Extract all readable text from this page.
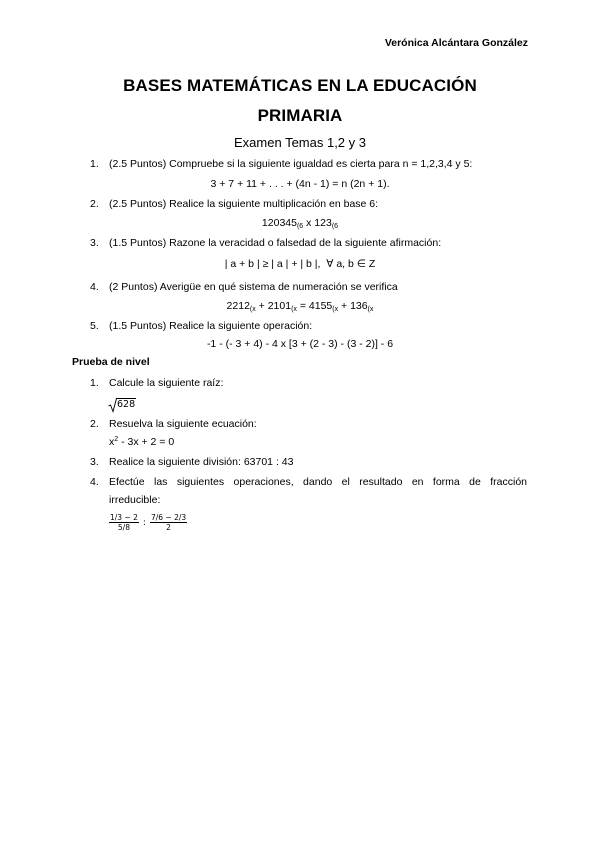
Verónica Alcántara González
BASES MATEMÁTICAS EN LA EDUCACIÓN
PRIMARIA
Examen Temas 1,2 y 3
1. (2.5 Puntos) Compruebe si la siguiente igualdad es cierta para n = 1,2,3,4 y 5:
3 + 7 + 11 + . . . + (4n - 1) = n (2n + 1).
2. (2.5 Puntos) Realice la siguiente multiplicación en base 6:
$120345_{(6}$ x $123_{(6}$
3. (1.5 Puntos) Razone la veracidad o falsedad de la siguiente afirmación:
| a + b | ≥ | a | + | b |,  ∀ a, b ∈ Z
4. (2 Puntos) Averigüe en qué sistema de numeración se verifica
$2212_{(x} + 2101_{(x} = 4155_{(x} + 136_{(x}$
5. (1.5 Puntos) Realice la siguiente operación:
-1 - (- 3 + 4) - 4 x [3 + (2 - 3) - (3 - 2)] - 6
Prueba de nivel
1. Calcule la siguiente raíz:
628
2. Resuelva la siguiente ecuación:
$x^2 - 3x + 2 = 0$
3. Realice la siguiente división: 63701 : 43
4. Efectúe las siguientes operaciones, dando el resultado en forma de fracción
irreducible:
$\frac{1/3 - 2}{5/8}$ : $\frac{7/6 - 2/3}{2}$
